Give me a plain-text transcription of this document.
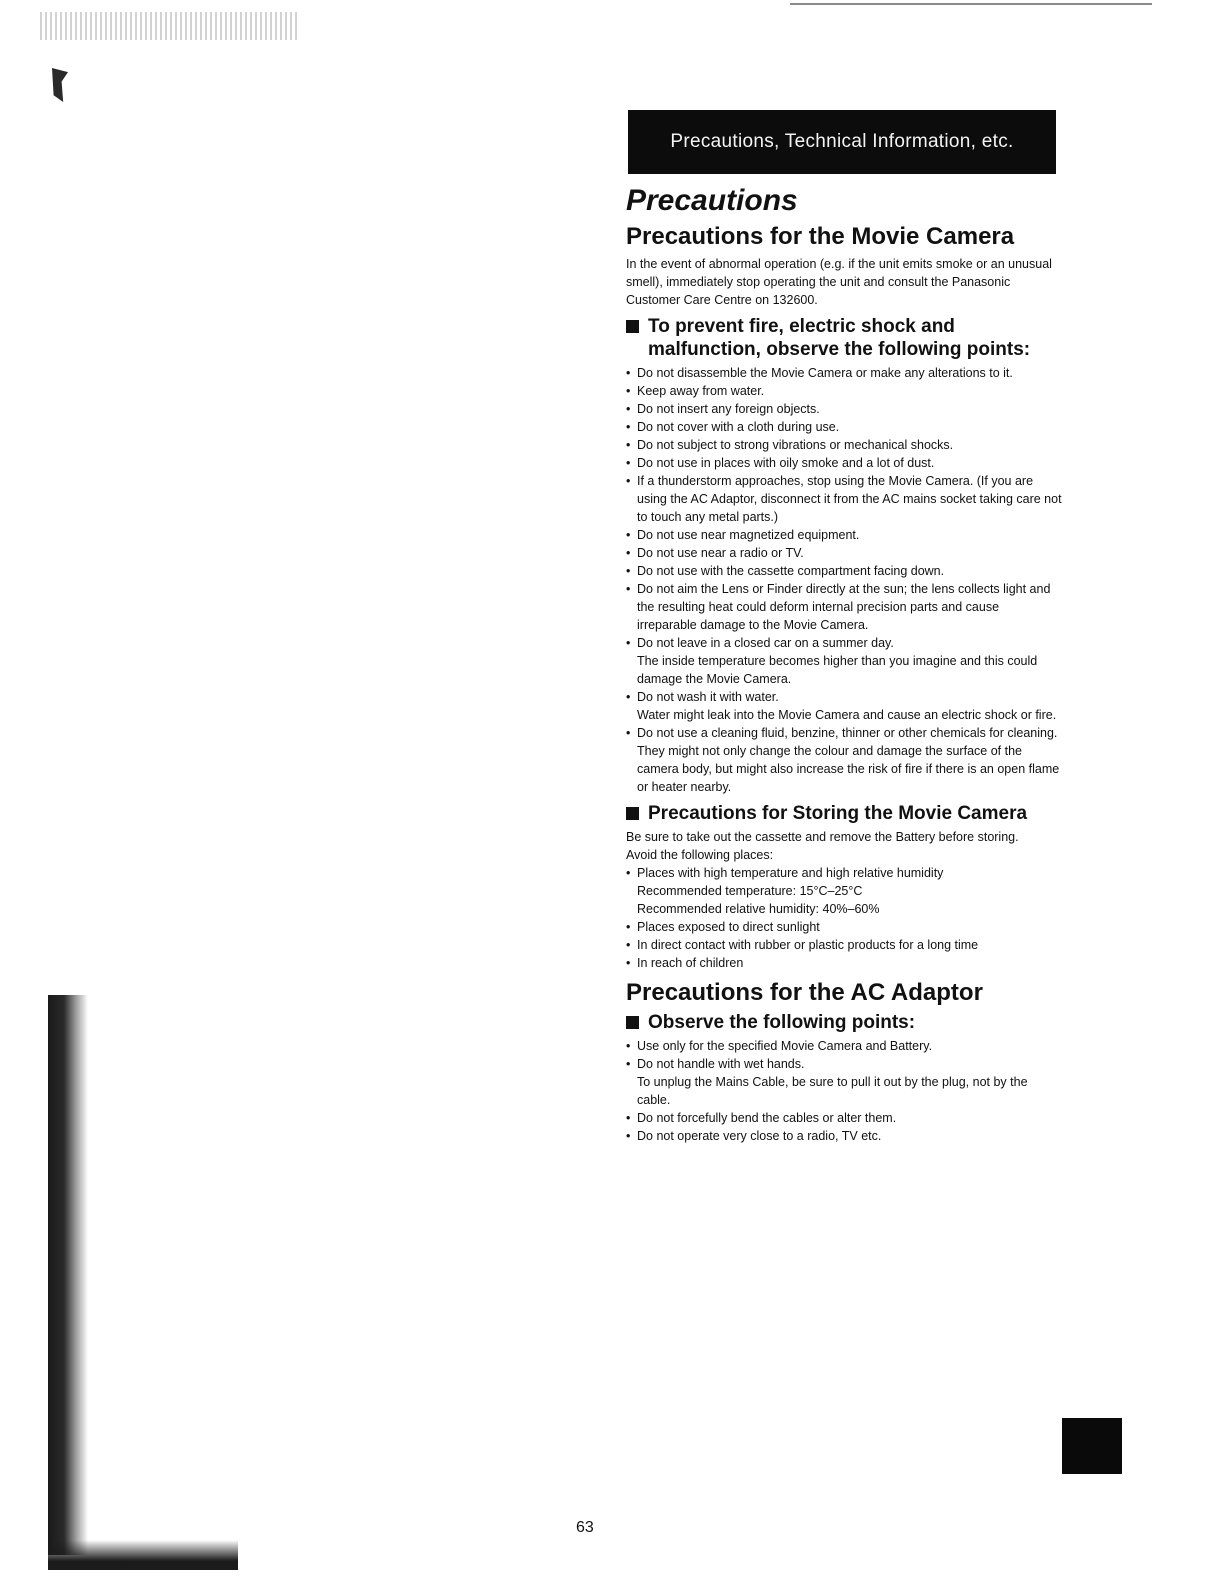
Precautions, Technical Information, etc.
Precautions
Precautions for the Movie Camera

In the event of abnormal operation (e.g. if the unit emits smoke or an unusual smell), immediately stop operating the unit and consult the Panasonic Customer Care Centre on 132600.

To prevent fire, electric shock and malfunction, observe the following points:
• Do not disassemble the Movie Camera or make any alterations to it.
• Keep away from water.
• Do not insert any foreign objects.
• Do not cover with a cloth during use.
• Do not subject to strong vibrations or mechanical shocks.
• Do not use in places with oily smoke and a lot of dust.
• If a thunderstorm approaches, stop using the Movie Camera. (If you are using the AC Adaptor, disconnect it from the AC mains socket taking care not to touch any metal parts.)
• Do not use near magnetized equipment.
• Do not use near a radio or TV.
• Do not use with the cassette compartment facing down.
• Do not aim the Lens or Finder directly at the sun; the lens collects light and the resulting heat could deform internal precision parts and cause irreparable damage to the Movie Camera.
• Do not leave in a closed car on a summer day.
The inside temperature becomes higher than you imagine and this could damage the Movie Camera.
• Do not wash it with water.
Water might leak into the Movie Camera and cause an electric shock or fire.
• Do not use a cleaning fluid, benzine, thinner or other chemicals for cleaning. They might not only change the colour and damage the surface of the camera body, but might also increase the risk of fire if there is an open flame or heater nearby.
Precautions for Storing the Movie Camera

Be sure to take out the cassette and remove the Battery before storing.

Avoid the following places:

• Places with high temperature and high relative humidity
Recommended temperature: 15°C–25°C
Recommended relative humidity: 40%–60%
• Places exposed to direct sunlight
• In direct contact with rubber or plastic products for a long time
• In reach of children
Precautions for the AC Adaptor
Observe the following points:
• Use only for the specified Movie Camera and Battery.
• Do not handle with wet hands.
To unplug the Mains Cable, be sure to pull it out by the plug, not by the cable.
• Do not forcefully bend the cables or alter them.
• Do not operate very close to a radio, TV etc.
63
